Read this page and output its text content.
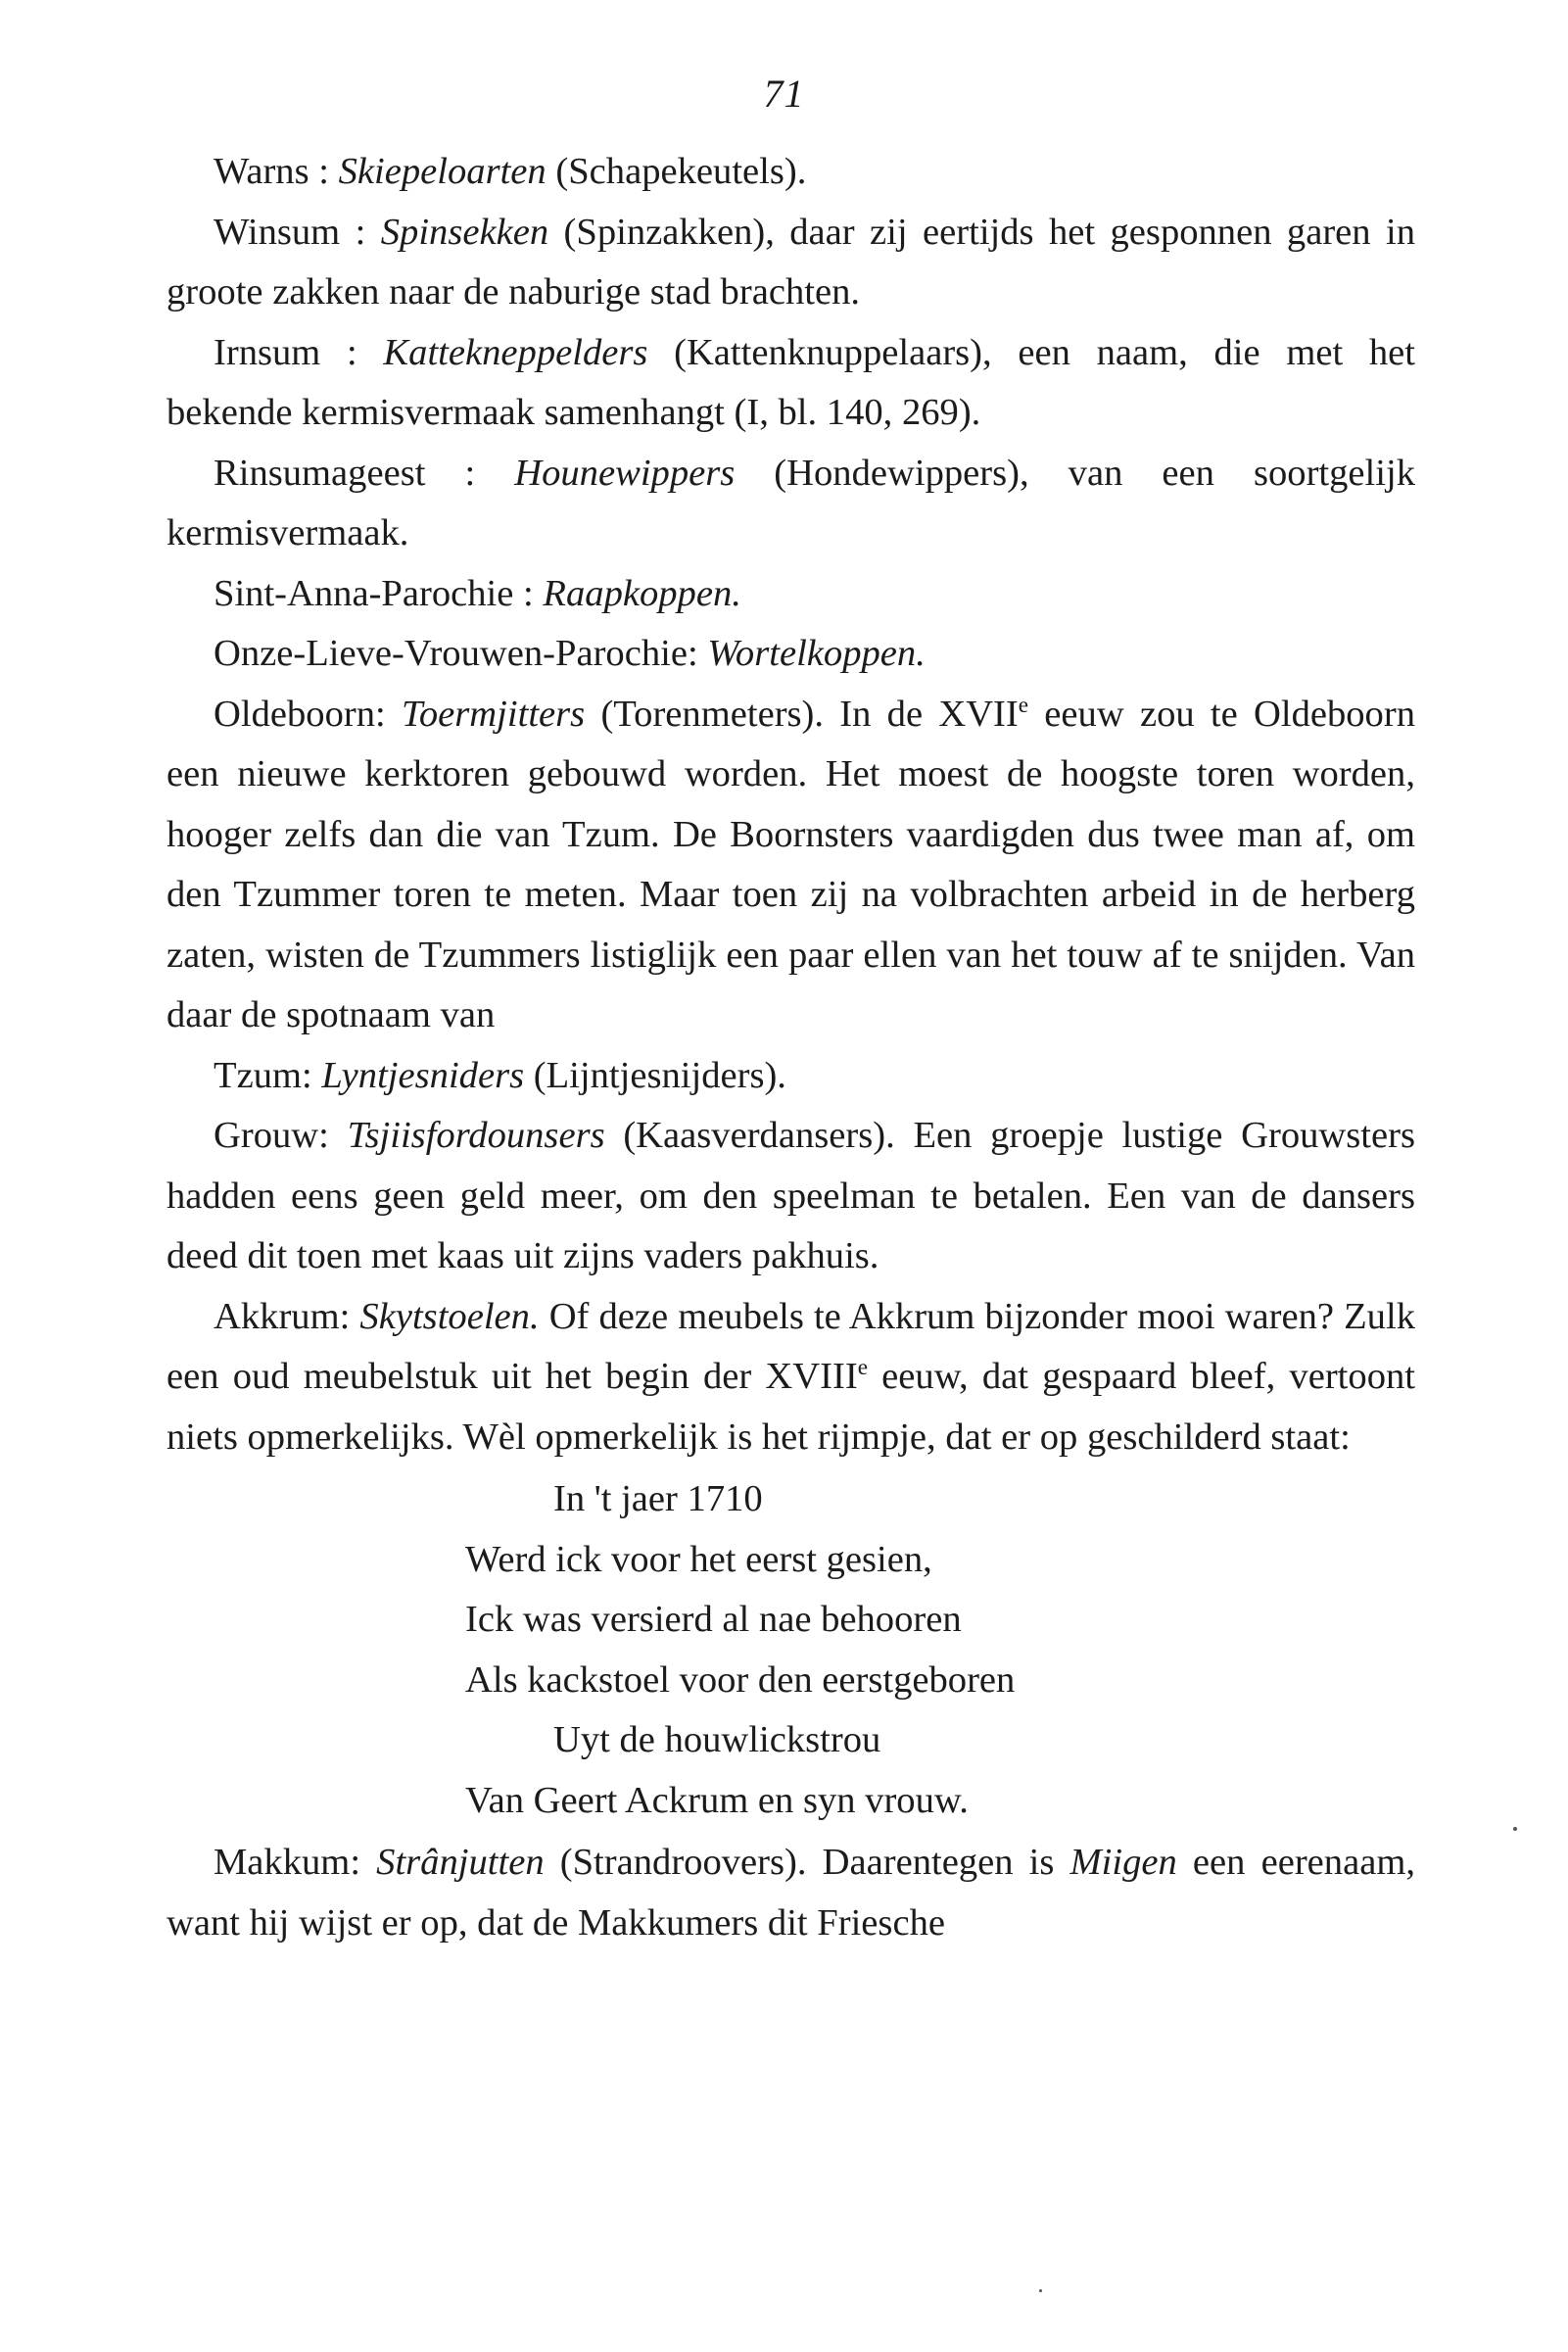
71

Warns : Skiepeloarten (Schapekeutels).

Winsum : Spinsekken (Spinzakken), daar zij eertijds het gesponnen garen in groote zakken naar de naburige stad brachten.

Irnsum : Katteknеppelders (Kattenknuppelaars), een naam, die met het bekende kermisvermaak samenhangt (I, bl. 140, 269).

Rinsumageest : Hounewippers (Hondewippers), van een soortgelijk kermisvermaak.

Sint-Anna-Parochie : Raapkoppen.

Onze-Lieve-Vrouwen-Parochie: Wortelkoppen.

Oldeboorn: Toermjitters (Torenmeters). In de XVIIe eeuw zou te Oldeboorn een nieuwe kerktoren gebouwd worden. Het moest de hoogste toren worden, hooger zelfs dan die van Tzum. De Boornsters vaardigden dus twee man af, om den Tzummer toren te meten. Maar toen zij na volbrachten arbeid in de herberg zaten, wisten de Tzummers listiglijk een paar ellen van het touw af te snijden. Van daar de spotnaam van

Tzum: Lyntjesniders (Lijntjesnijders).

Grouw: Tsjiisfordounsers (Kaasverdansers). Een groepje lustige Grouwsters hadden eens geen geld meer, om den speelman te betalen. Een van de dansers deed dit toen met kaas uit zijns vaders pakhuis.

Akkrum: Skytstoelen. Of deze meubels te Akkrum bijzonder mooi waren? Zulk een oud meubelstuk uit het begin der XVIIIe eeuw, dat gespaard bleef, vertoont niets opmerkelijks. Wèl opmerkelijk is het rijmpje, dat er op geschilderd staat:

In 't jaer 1710

Werd ick voor het eerst gesien,

Ick was versierd al nae behooren

Als kackstoel voor den eerstgeboren

Uyt de houwlickstrou

Van Geert Ackrum en syn vrouw.

Makkum: Strânjutten (Strandroovers). Daarentegen is Miigen een eerenaam, want hij wijst er op, dat de Makkumers dit Friesche
